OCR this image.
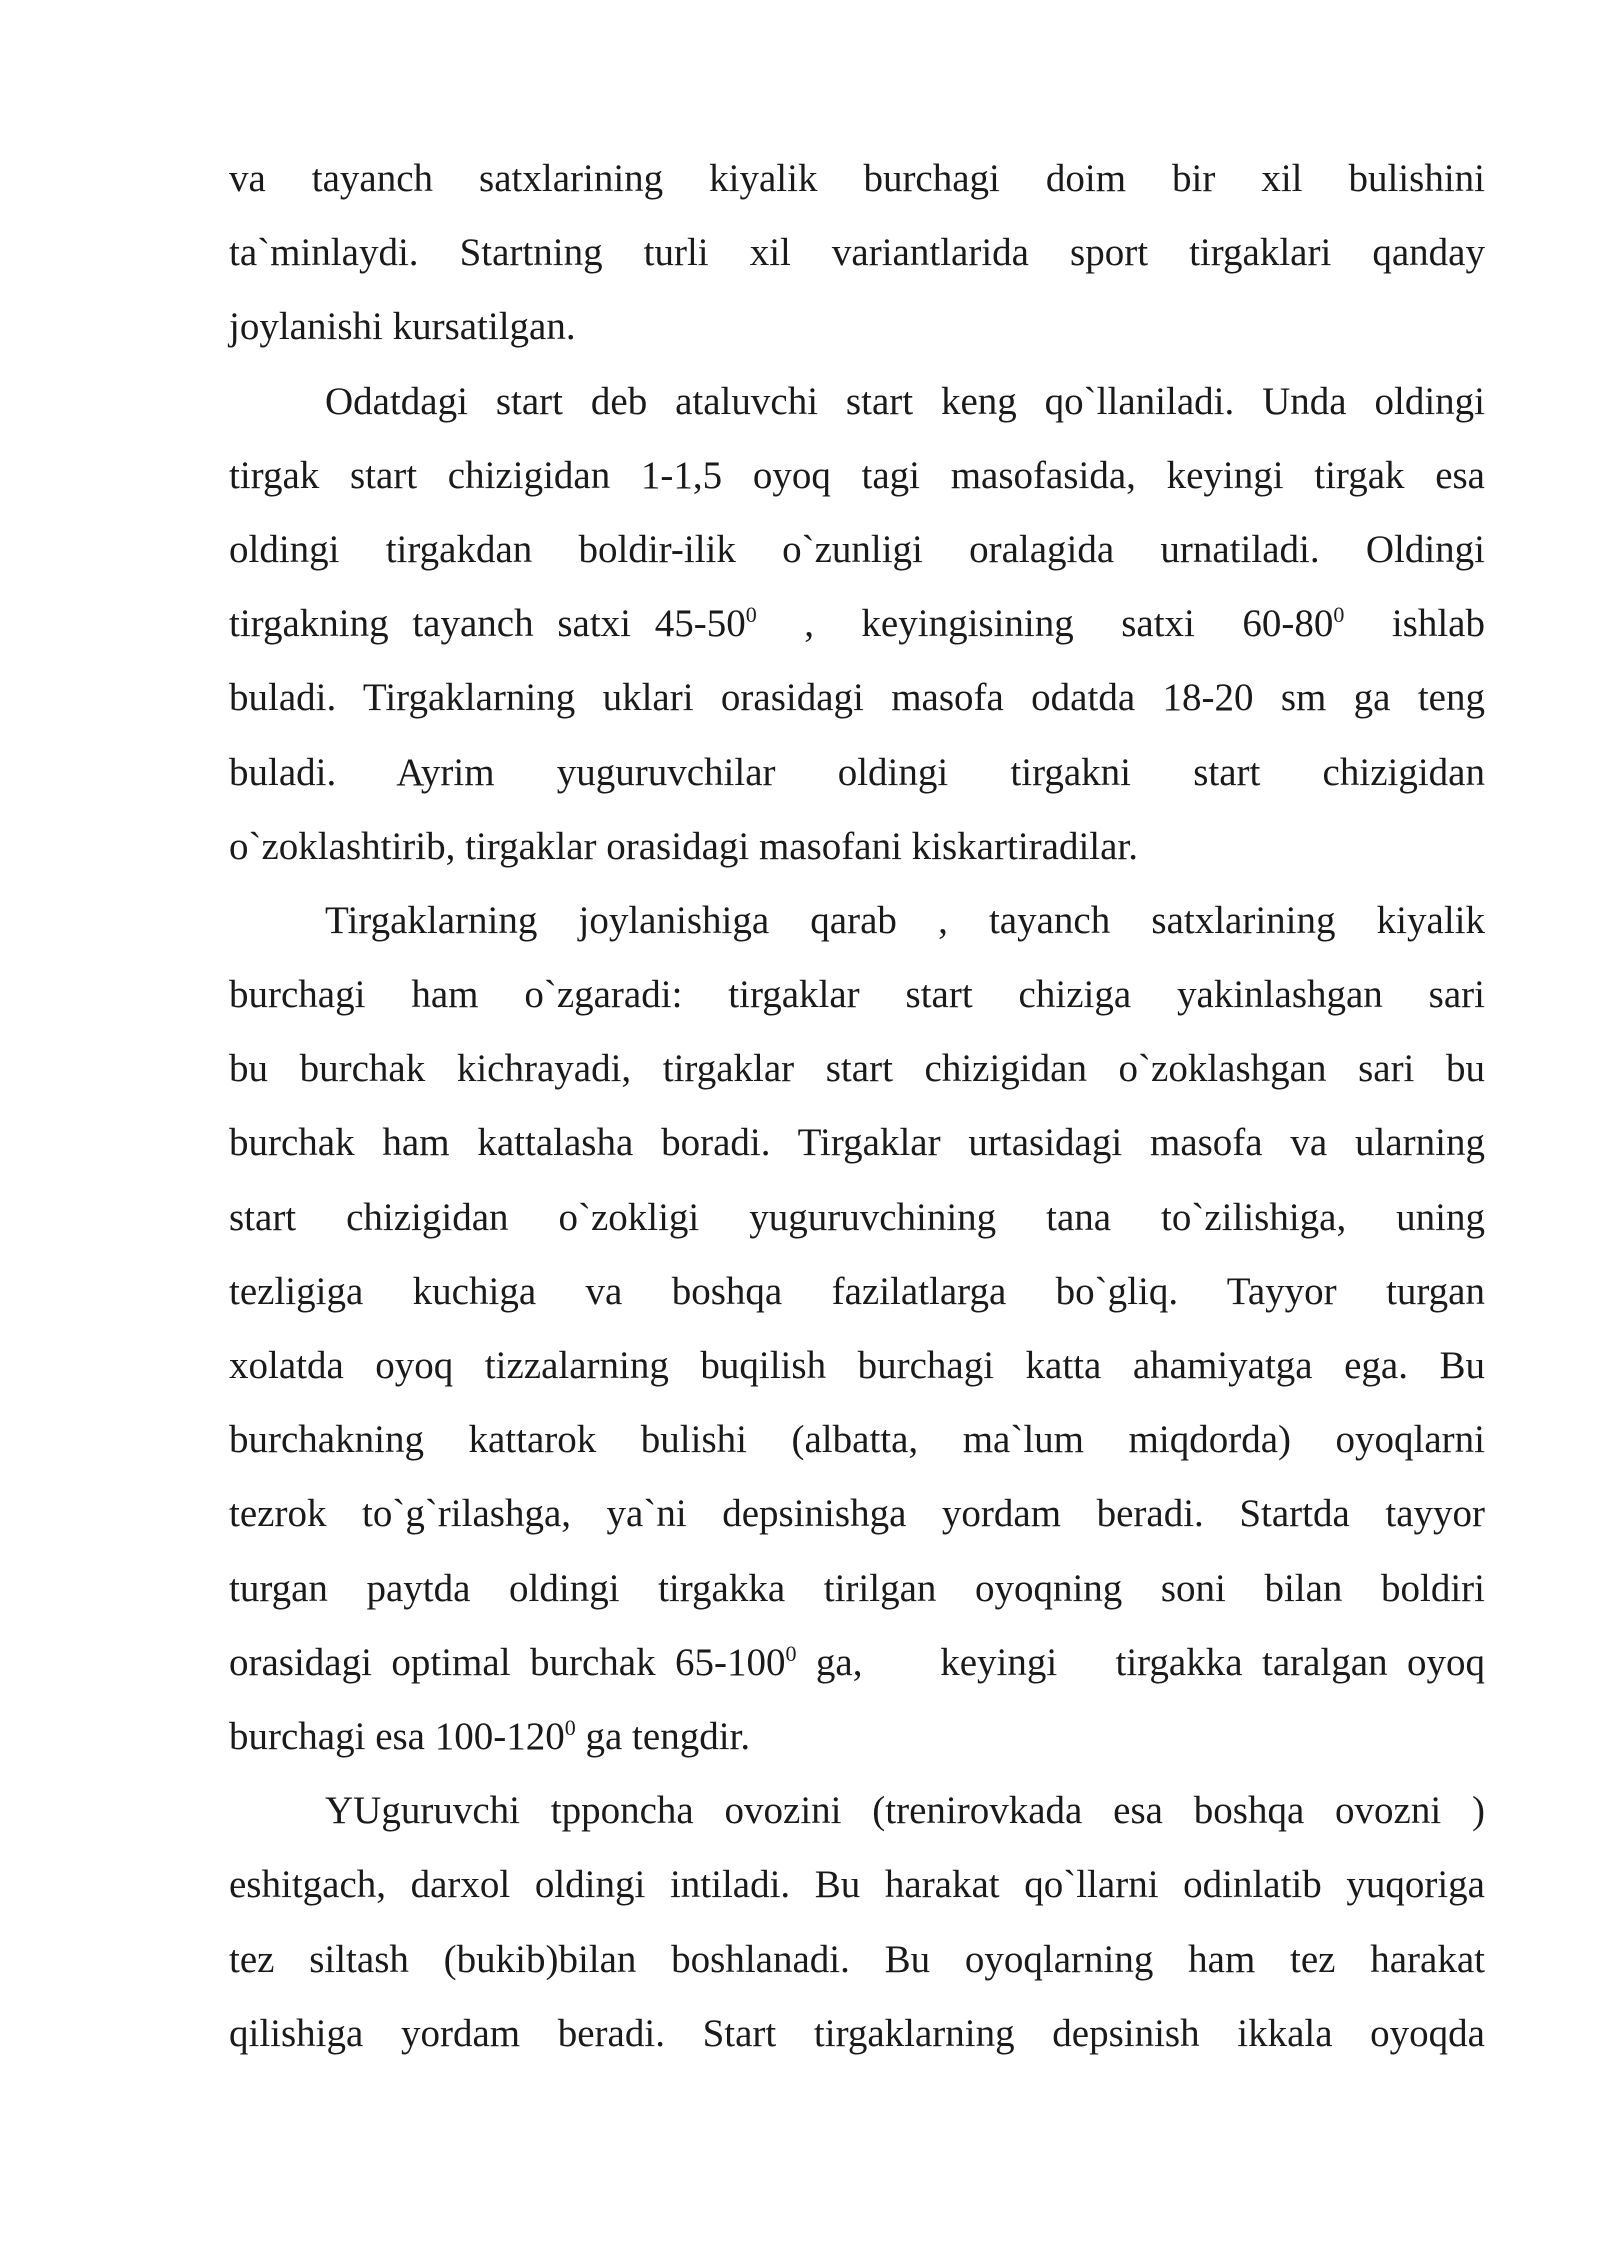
va tayanch satxlarining kiyalik burchagi doim bir xil bulishini
ta`minlaydi. Startning turli xil variantlarida sport tirgaklari qanday
joylanishi kursatilgan.
Odatdagi start deb ataluvchi start keng qo`llaniladi. Unda oldingi
tirgak start chizigidan 1-1,5 oyoq tagi masofasida, keyingi tirgak esa
oldingi tirgakdan boldir-ilik o`zunligi oralagida urnatiladi. Oldingi
tirgakning tayanch satxi $45-50^0$  ,  keyingisining  satxi  $60-80^0$  ishlab
buladi. Tirgaklarning uklari orasidagi masofa odatda 18-20 sm ga teng
buladi. Ayrim yuguruvchilar oldingi tirgakni start chizigidan
o`zoklashtirib, tirgaklar orasidagi masofani kiskartiradilar.
Tirgaklarning joylanishiga qarab , tayanch satxlarining kiyalik
burchagi ham o`zgaradi: tirgaklar start chiziga yakinlashgan sari
bu burchak kichrayadi, tirgaklar start chizigidan o`zoklashgan sari bu
burchak ham kattalasha boradi. Tirgaklar urtasidagi masofa va ularning
start chizigidan o`zokligi yuguruvchining tana to`zilishiga, uning
tezligiga kuchiga va boshqa fazilatlarga bo`gliq. Tayyor turgan
xolatda oyoq tizzalarning buqilish burchagi katta ahamiyatga ega. Bu
burchakning kattarok bulishi (albatta, ma`lum miqdorda) oyoqlarni
tezrok to`g`rilashga, ya`ni depsinishga yordam beradi. Startda tayyor
turgan paytda oldingi tirgakka tirilgan oyoqning soni bilan boldiri
orasidagi optimal burchak $65-100^0$ ga,    keyingi   tirgakka taralgan oyoq
burchagi esa $100-120^0$ ga tengdir.
YUguruvchi tpponcha ovozini (trenirovkada esa boshqa ovozni )
eshitgach, darxol oldingi intiladi. Bu harakat qo`llarni odinlatib yuqoriga
tez siltash (bukib)bilan boshlanadi. Bu oyoqlarning ham tez harakat
qilishiga yordam beradi. Start tirgaklarning depsinish ikkala oyoqda
